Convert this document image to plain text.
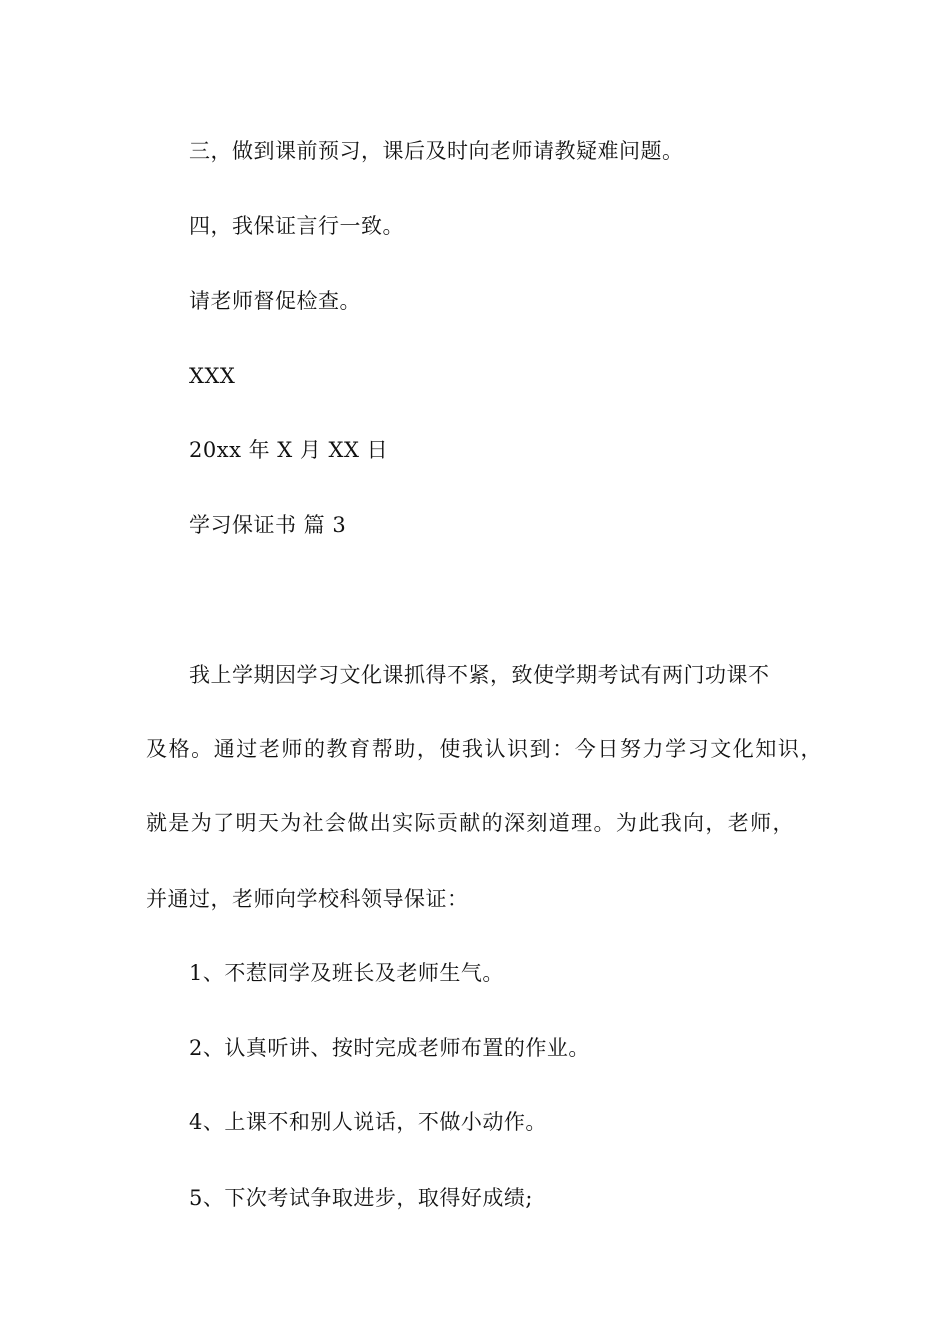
三，做到课前预习，课后及时向老师请教疑难问题。
四，我保证言行一致。
请老师督促检查。
XXX
20xx 年 X 月 XX 日
学习保证书 篇 3
我上学期因学习文化课抓得不紧，致使学期考试有两门功课不
及格。通过老师的教育帮助，使我认识到：今日努力学习文化知识，
就是为了明天为社会做出实际贡献的深刻道理。为此我向，老师，
并通过，老师向学校科领导保证：
1、不惹同学及班长及老师生气。
2、认真听讲、按时完成老师布置的作业。
4、上课不和别人说话，不做小动作。
5、下次考试争取进步，取得好成绩;
